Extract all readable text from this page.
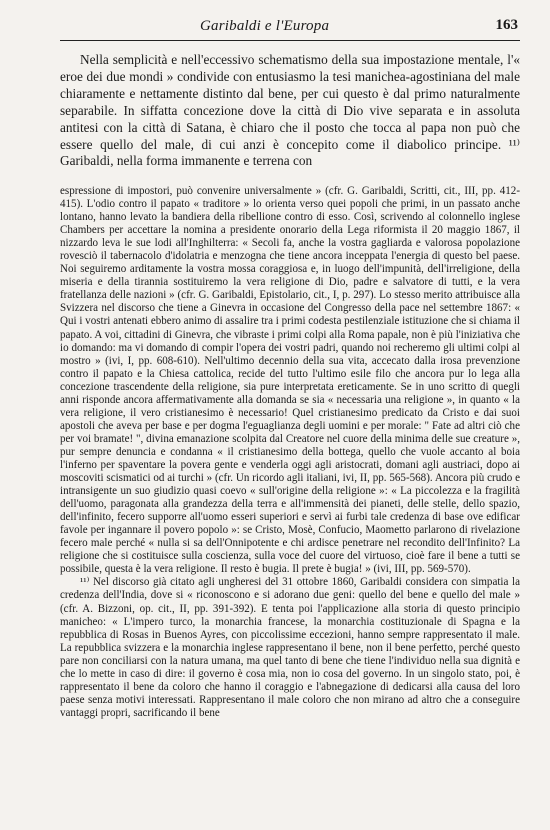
Garibaldi e l'Europa	163

Nella semplicità e nell'eccessivo schematismo della sua impostazione mentale, l'« eroe dei due mondi » condivide con entusiasmo la tesi manichea-agostiniana del male chiaramente e nettamente distinto dal bene, per cui questo è dal primo naturalmente separabile. In siffatta concezione dove la città di Dio vive separata e in assoluta antitesi con la città di Satana, è chiaro che il posto che tocca al papa non può che essere quello del male, di cui anzi è concepito come il diabolico principe. ¹¹⁾ Garibaldi, nella forma immanente e terrena con

espressione di impostori, può convenire universalmente » (cfr. G. Garibaldi, Scritti, cit., III, pp. 412-415). L'odio contro il papato « traditore » lo orienta verso quei popoli che primi, in un passato anche lontano, hanno levato la bandiera della ribellione contro di esso. Così, scrivendo al colonnello inglese Chambers per accettare la nomina a presidente onorario della Lega riformista il 20 maggio 1867, il nizzardo leva le sue lodi all'Inghilterra: « Secoli fa, anche la vostra gagliarda e valorosa popolazione rovesciò il tabernacolo d'idolatria e menzogna che tiene ancora inceppata l'energia di questo bel paese. Noi seguiremo arditamente la vostra mossa coraggiosa e, in luogo dell'impunità, dell'irreligione, della miseria e della tirannia sostituiremo la vera religione di Dio, padre e salvatore di tutti, e la vera fratellanza delle nazioni » (cfr. G. Garibaldi, Epistolario, cit., I, p. 297). Lo stesso merito attribuisce alla Svizzera nel discorso che tiene a Ginevra in occasione del Congresso della pace nel settembre 1867: « Qui i vostri antenati ebbero animo di assalire tra i primi codesta pestilenziale istituzione che si chiama il papato. A voi, cittadini di Ginevra, che vibraste i primi colpi alla Roma papale, non è più l'iniziativa che io domando: ma vi domando di compir l'opera dei vostri padri, quando noi recheremo gli ultimi colpi al mostro » (ivi, I, pp. 608-610). Nell'ultimo decennio della sua vita, accecato dalla irosa prevenzione contro il papato e la Chiesa cattolica, recide del tutto l'ultimo esile filo che ancora pur lo lega alla concezione trascendente della religione, sia pure interpretata ereticamente. Se in uno scritto di quegli anni risponde ancora affermativamente alla domanda se sia « necessaria una religione », in quanto « la vera religione, il vero cristianesimo è necessario! Quel cristianesimo predicato da Cristo e dai suoi apostoli che aveva per base e per dogma l'eguaglianza degli uomini e per morale: " Fate ad altri ciò che per voi bramate! ", divina emanazione scolpita dal Creatore nel cuore della minima delle sue creature », pur sempre denuncia e condanna « il cristianesimo della bottega, quello che vuole accanto al boia l'inferno per spaventare la povera gente e venderla oggi agli aristocrati, domani agli austriaci, dopo ai moscoviti scismatici od ai turchi » (cfr. Un ricordo agli italiani, ivi, II, pp. 565-568). Ancora più crudo e intransigente un suo giudizio quasi coevo « sull'origine della religione »: « La piccolezza e la fragilità dell'uomo, paragonata alla grandezza della terra e all'immensità dei pianeti, delle stelle, dello spazio, dell'infinito, fecero supporre all'uomo esseri superiori e servì ai furbi tale credenza di base ove edificar favole per ingannare il povero popolo »: se Cristo, Mosè, Confucio, Maometto parlarono di rivelazione fecero male perché « nulla si sa dell'Onnipotente e chi ardisce penetrare nel recondito dell'Infinito? La religione che si costituisce sulla coscienza, sulla voce del cuore del virtuoso, cioè fare il bene a tutti se possibile, questa è la vera religione. Il resto è bugia. Il prete è bugia! » (ivi, III, pp. 569-570).

¹¹⁾ Nel discorso già citato agli ungheresi del 31 ottobre 1860, Garibaldi considera con simpatia la credenza dell'India, dove si « riconoscono e si adorano due geni: quello del bene e quello del male » (cfr. A. Bizzoni, op. cit., II, pp. 391-392). E tenta poi l'applicazione alla storia di questo principio manicheo: « L'impero turco, la monarchia francese, la monarchia costituzionale di Spagna e la repubblica di Rosas in Buenos Ayres, con piccolissime eccezioni, hanno sempre rappresentato il male. La repubblica svizzera e la monarchia inglese rappresentano il bene, non il bene perfetto, perché questo pare non conciliarsi con la natura umana, ma quel tanto di bene che tiene l'individuo nella sua dignità e che lo mette in caso di dire: il governo è cosa mia, non io cosa del governo. In un singolo stato, poi, è rappresentato il bene da coloro che hanno il coraggio e l'abnegazione di dedicarsi alla causa del loro paese senza motivi interessati. Rappresentano il male coloro che non mirano ad altro che a conseguire vantaggi propri, sacrificando il bene
